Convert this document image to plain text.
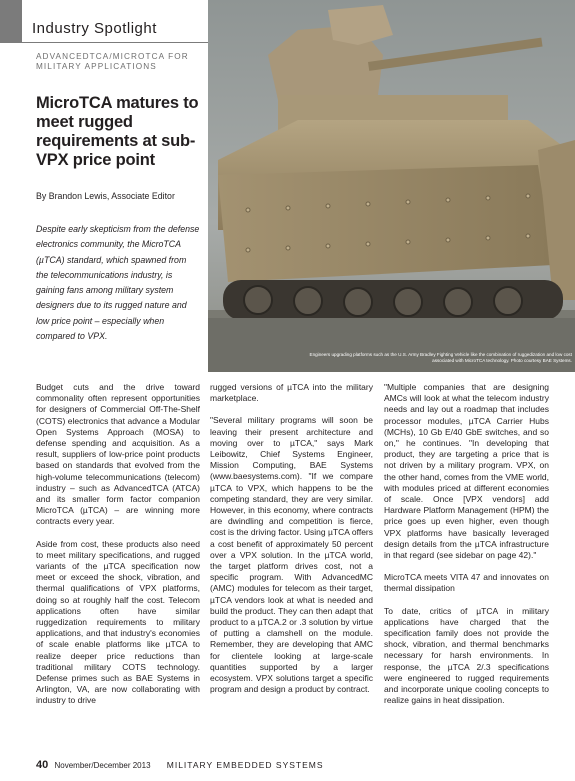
Industry Spotlight
ADVANCEDTCA/MICROTCA FOR MILITARY APPLICATIONS
MicroTCA matures to meet rugged requirements at sub-VPX price point
By Brandon Lewis, Associate Editor
Despite early skepticism from the defense electronics community, the MicroTCA (µTCA) standard, which spawned from the telecommunications industry, is gaining fans among military system designers due to its rugged nature and low price point – especially when compared to VPX.
Engineers upgrading platforms such as the U.S. Army Bradley Fighting Vehicle like the combination of ruggedization and low cost associated with MicroTCA technology. Photo courtesy BAE Systems.

Budget cuts and the drive toward commonality often represent opportunities for designers of Commercial Off-The-Shelf (COTS) electronics that advance a Modular Open Systems Approach (MOSA) to defense spending and acquisition. As a result, suppliers of low-price point products based on standards that evolved from the high-volume telecommunications (telecom) industry – such as AdvancedTCA (ATCA) and its smaller form factor companion MicroTCA (µTCA) – are winning more contracts every year.

Aside from cost, these products also need to meet military specifications, and rugged variants of the µTCA specification now meet or exceed the shock, vibration, and thermal qualifications of VPX platforms, doing so at roughly half the cost. Telecom applications often have similar ruggedization requirements to military applications, and that industry's economies of scale enable platforms like µTCA to realize deeper price reductions than traditional military COTS technology. Defense primes such as BAE Systems in Arlington, VA, are now collaborating with industry to drive

rugged versions of µTCA into the military marketplace.

"Several military programs will soon be leaving their present architecture and moving over to µTCA," says Mark Leibowitz, Chief Systems Engineer, Mission Computing, BAE Systems (www.baesystems.com). "If we compare µTCA to VPX, which happens to be the competing standard, they are very similar. However, in this economy, where contracts are dwindling and competition is fierce, cost is the driving factor. Using µTCA offers a cost benefit of approximately 50 percent over a VPX solution. In the µTCA world, the target platform drives cost, not a specific program. With AdvancedMC (AMC) modules for telecom as their target, µTCA vendors look at what is needed and build the product. They can then adapt that product to a µTCA.2 or .3 solution by virtue of putting a clamshell on the module. Remember, they are developing that AMC for clientele looking at large-scale quantities supported by a larger ecosystem. VPX solutions target a specific program and design a product by contract.

"Multiple companies that are designing AMCs will look at what the telecom industry needs and lay out a roadmap that includes processor modules, µTCA Carrier Hubs (MCHs), 10 Gb E/40 GbE switches, and so on," he continues. "In developing that product, they are targeting a price that is not driven by a military program. VPX, on the other hand, comes from the VME world, with modules priced at different economies of scale. Once [VPX vendors] add Hardware Platform Management (HPM) the price goes up even higher, even though VPX platforms have basically leveraged design details from the µTCA infrastructure in that regard (see sidebar on page 42)."

MicroTCA meets VITA 47 and innovates on thermal dissipation

To date, critics of µTCA in military applications have charged that the specification family does not provide the shock, vibration, and thermal benchmarks necessary for harsh environments. In response, the µTCA 2/.3 specifications were engineered to rugged requirements and incorporate unique cooling concepts to realize gains in heat dissipation.

40 November/December 2013 MILITARY EMBEDDED SYSTEMS
